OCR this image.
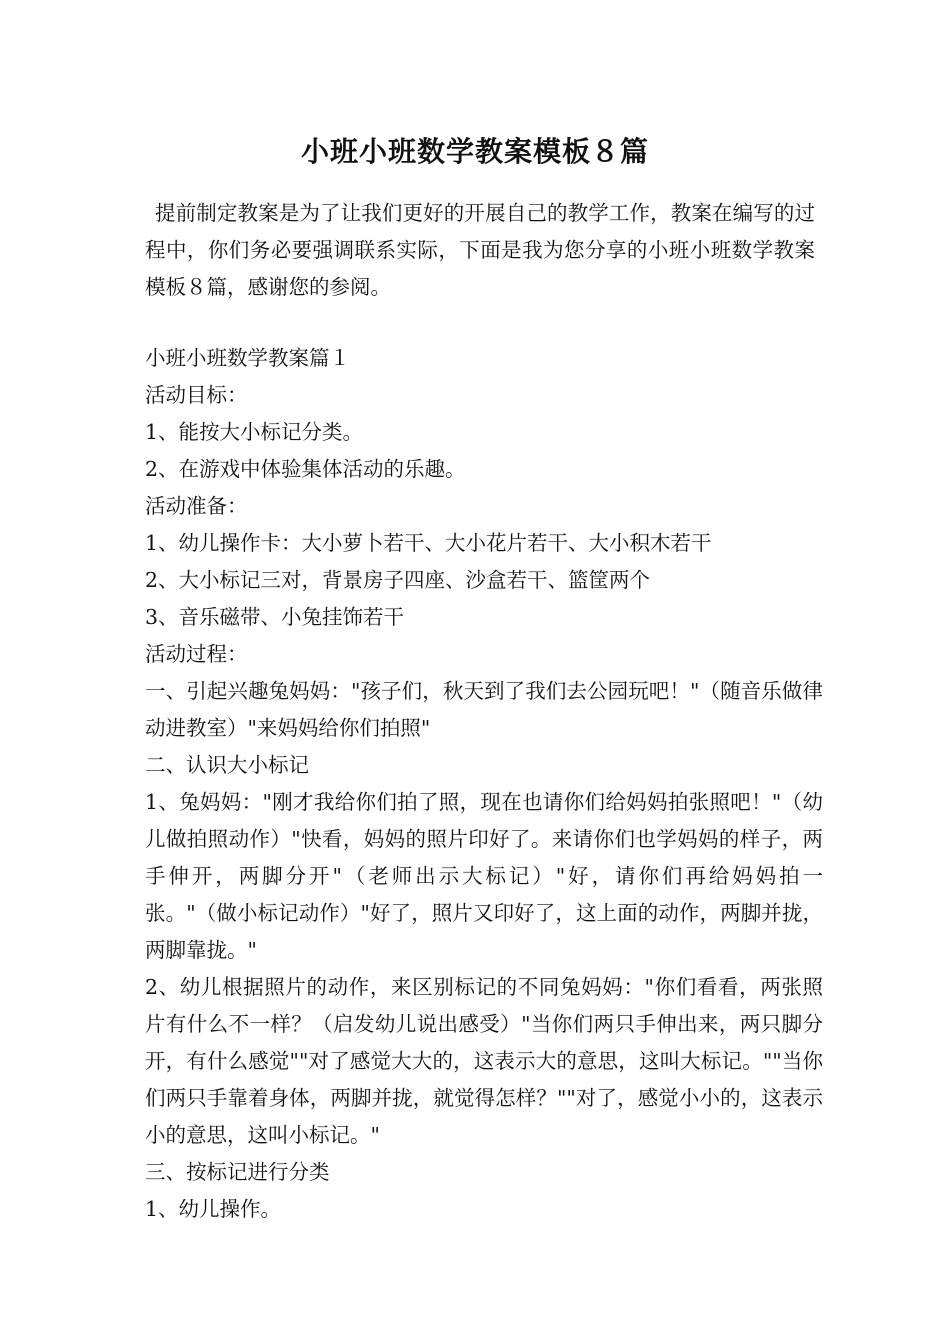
小班小班数学教案模板８篇

提前制定教案是为了让我们更好的开展自己的教学工作，教案在编写的过程中，你们务必要强调联系实际，下面是我为您分享的小班小班数学教案模板８篇，感谢您的参阅。

小班小班数学教案篇１

活动目标：

1、能按大小标记分类。

2、在游戏中体验集体活动的乐趣。

活动准备：

1、幼儿操作卡：大小萝卜若干、大小花片若干、大小积木若干

2、大小标记三对，背景房子四座、沙盒若干、篮筐两个

3、音乐磁带、小兔挂饰若干

活动过程：

一、引起兴趣兔妈妈："孩子们，秋天到了我们去公园玩吧！"（随音乐做律动进教室）"来妈妈给你们拍照"

二、认识大小标记

1、兔妈妈："刚才我给你们拍了照，现在也请你们给妈妈拍张照吧！"（幼儿做拍照动作）"快看，妈妈的照片印好了。来请你们也学妈妈的样子，两手伸开，两脚分开"（老师出示大标记）"好，请你们再给妈妈拍一张。"（做小标记动作）"好了，照片又印好了，这上面的动作，两脚并拢，两脚靠拢。"

2、幼儿根据照片的动作，来区别标记的不同兔妈妈："你们看看，两张照片有什么不一样？（启发幼儿说出感受）"当你们两只手伸出来，两只脚分开，有什么感觉""对了感觉大大的，这表示大的意思，这叫大标记。""当你们两只手靠着身体，两脚并拢，就觉得怎样？""对了，感觉小小的，这表示小的意思，这叫小标记。"

三、按标记进行分类

1、幼儿操作。
